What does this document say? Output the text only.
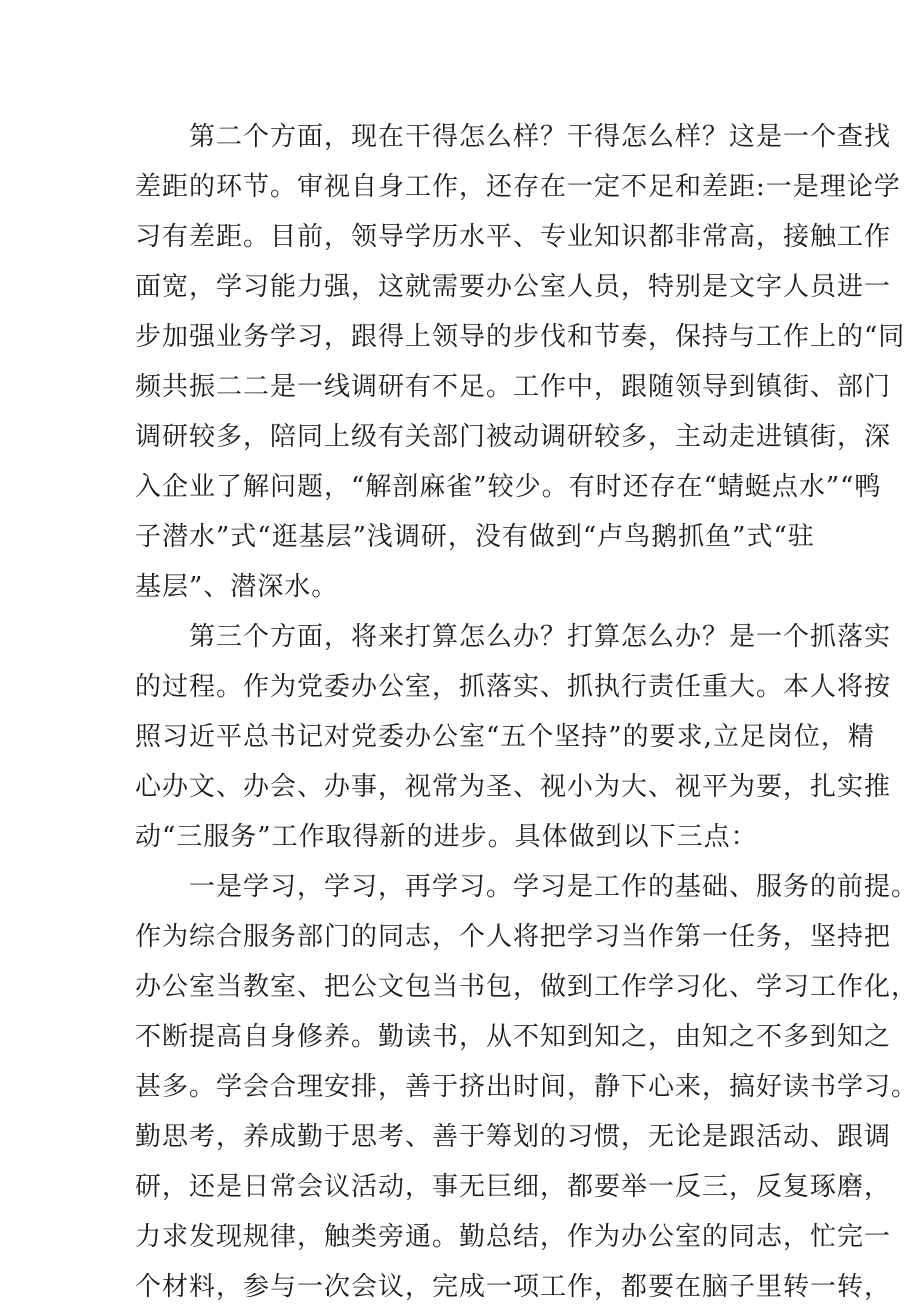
第二个方面，现在干得怎么样？干得怎么样？这是一个查找
差距的环节。审视自身工作，还存在一定不足和差距:一是理论学
习有差距。目前，领导学历水平、专业知识都非常高，接触工作
面宽，学习能力强，这就需要办公室人员，特别是文字人员进一
步加强业务学习，跟得上领导的步伐和节奏，保持与工作上的“同
频共振二二是一线调研有不足。工作中，跟随领导到镇街、部门
调研较多，陪同上级有关部门被动调研较多，主动走进镇街，深
入企业了解问题，“解剖麻雀”较少。有时还存在“蜻蜓点水”“鸭
子潜水”式“逛基层”浅调研，没有做到“卢鸟鹅抓鱼”式“驻
基层”、潜深水。
第三个方面，将来打算怎么办？打算怎么办？是一个抓落实
的过程。作为党委办公室，抓落实、抓执行责任重大。本人将按
照习近平总书记对党委办公室“五个坚持”的要求,立足岗位，精
心办文、办会、办事，视常为圣、视小为大、视平为要，扎实推
动“三服务”工作取得新的进步。具体做到以下三点：
一是学习，学习，再学习。学习是工作的基础、服务的前提。
作为综合服务部门的同志，个人将把学习当作第一任务，坚持把
办公室当教室、把公文包当书包，做到工作学习化、学习工作化，
不断提高自身修养。勤读书，从不知到知之，由知之不多到知之
甚多。学会合理安排，善于挤出时间，静下心来，搞好读书学习。
勤思考，养成勤于思考、善于筹划的习惯，无论是跟活动、跟调
研，还是日常会议活动，事无巨细，都要举一反三，反复琢磨，
力求发现规律，触类旁通。勤总结，作为办公室的同志，忙完一
个材料，参与一次会议，完成一项工作，都要在脑子里转一转，
